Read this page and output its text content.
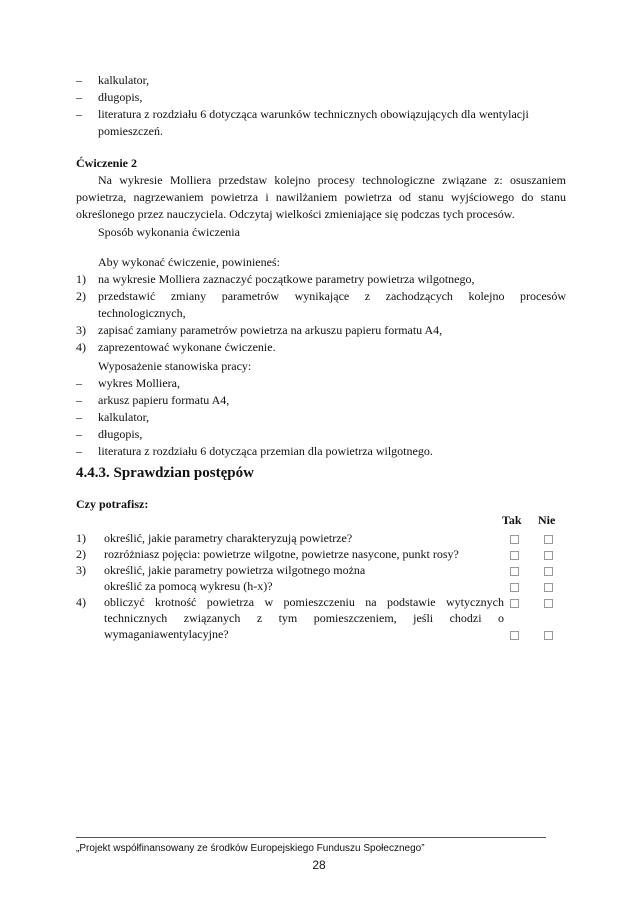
– kalkulator,
– długopis,
– literatura z rozdziału 6 dotycząca warunków technicznych obowiązujących dla wentylacji pomieszczeń.
Ćwiczenie 2
Na wykresie Molliera przedstaw kolejno procesy technologiczne związane z: osuszaniem powietrza, nagrzewaniem powietrza i nawilżaniem powietrza od stanu wyjściowego do stanu określonego przez nauczyciela. Odczytaj wielkości zmieniające się podczas tych procesów.
Sposób wykonania ćwiczenia
Aby wykonać ćwiczenie, powinieneś:
1) na wykresie Molliera zaznaczyć początkowe parametry powietrza wilgotnego,
2) przedstawić zmiany parametrów wynikające z zachodzących kolejno procesów technologicznych,
3) zapisać zamiany parametrów powietrza na arkuszu papieru formatu A4,
4) zaprezentować wykonane ćwiczenie.
Wyposażenie stanowiska pracy:
– wykres Molliera,
– arkusz papieru formatu A4,
– kalkulator,
– długopis,
– literatura z rozdziału 6 dotycząca przemian dla powietrza wilgotnego.
4.4.3. Sprawdzian postępów
Czy potrafisz:
Tak Nie
1) określić, jakie parametry charakteryzują powietrze?
2) rozróżniasz pojęcia: powietrze wilgotne, powietrze nasycone, punkt rosy?
3) określić, jakie parametry powietrza wilgotnego można określić za pomocą wykresu (h-x)?
4) obliczyć krotność powietrza w pomieszczeniu na podstawie wytycznych technicznych związanych z tym pomieszczeniem, jeśli chodzi o wymaganiawentylacyjne?
„Projekt współfinansowany ze środków Europejskiego Funduszu Społecznego”
28
